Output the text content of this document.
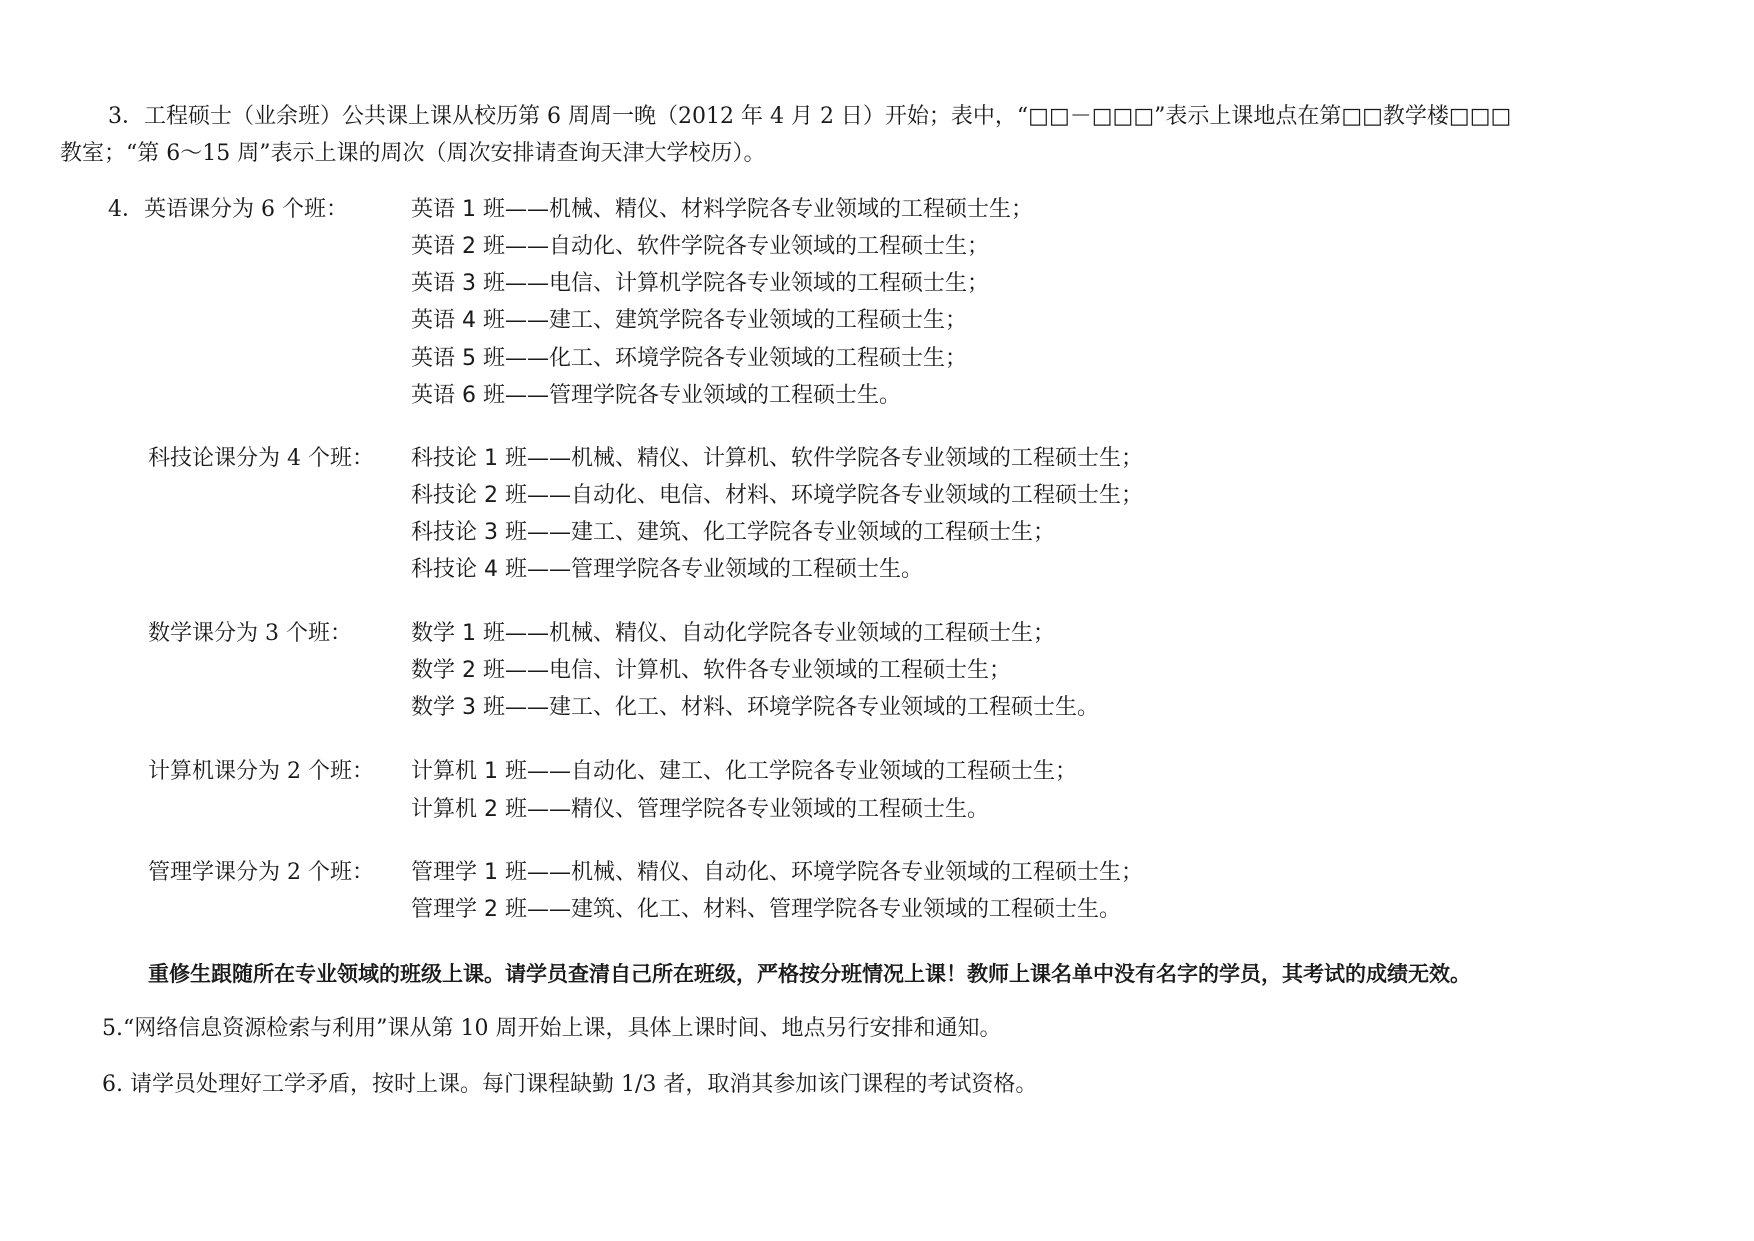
3．工程硕士（业余班）公共课上课从校历第 6 周周一晚（2012 年 4 月 2 日）开始；表中，“□□－□□□”表示上课地点在第□□教学楼□□□
教室；“第 6～15 周”表示上课的周次（周次安排请查询天津大学校历）。
4．英语课分为 6 个班：	英语 1 班——机械、精仪、材料学院各专业领域的工程硕士生；
英语 2 班——自动化、软件学院各专业领域的工程硕士生；
英语 3 班——电信、计算机学院各专业领域的工程硕士生；
英语 4 班——建工、建筑学院各专业领域的工程硕士生；
英语 5 班——化工、环境学院各专业领域的工程硕士生；
英语 6 班——管理学院各专业领域的工程硕士生。
科技论课分为 4 个班： 科技论 1 班——机械、精仪、计算机、软件学院各专业领域的工程硕士生；
科技论 2 班——自动化、电信、材料、环境学院各专业领域的工程硕士生；
科技论 3 班——建工、建筑、化工学院各专业领域的工程硕士生；
科技论 4 班——管理学院各专业领域的工程硕士生。
数学课分为 3 个班：	数学 1 班——机械、精仪、自动化学院各专业领域的工程硕士生；
数学 2 班——电信、计算机、软件各专业领域的工程硕士生；
数学 3 班——建工、化工、材料、环境学院各专业领域的工程硕士生。
计算机课分为 2 个班： 计算机 1 班——自动化、建工、化工学院各专业领域的工程硕士生；
计算机 2 班——精仪、管理学院各专业领域的工程硕士生。
管理学课分为 2 个班： 管理学 1 班——机械、精仪、自动化、环境学院各专业领域的工程硕士生；
管理学 2 班——建筑、化工、材料、管理学院各专业领域的工程硕士生。
重修生跟随所在专业领域的班级上课。请学员查清自己所在班级，严格按分班情况上课！教师上课名单中没有名字的学员，其考试的成绩无效。
5.“网络信息资源检索与利用”课从第 10 周开始上课，具体上课时间、地点另行安排和通知。
6. 请学员处理好工学矛盾，按时上课。每门课程缺勤 1/3 者，取消其参加该门课程的考试资格。
